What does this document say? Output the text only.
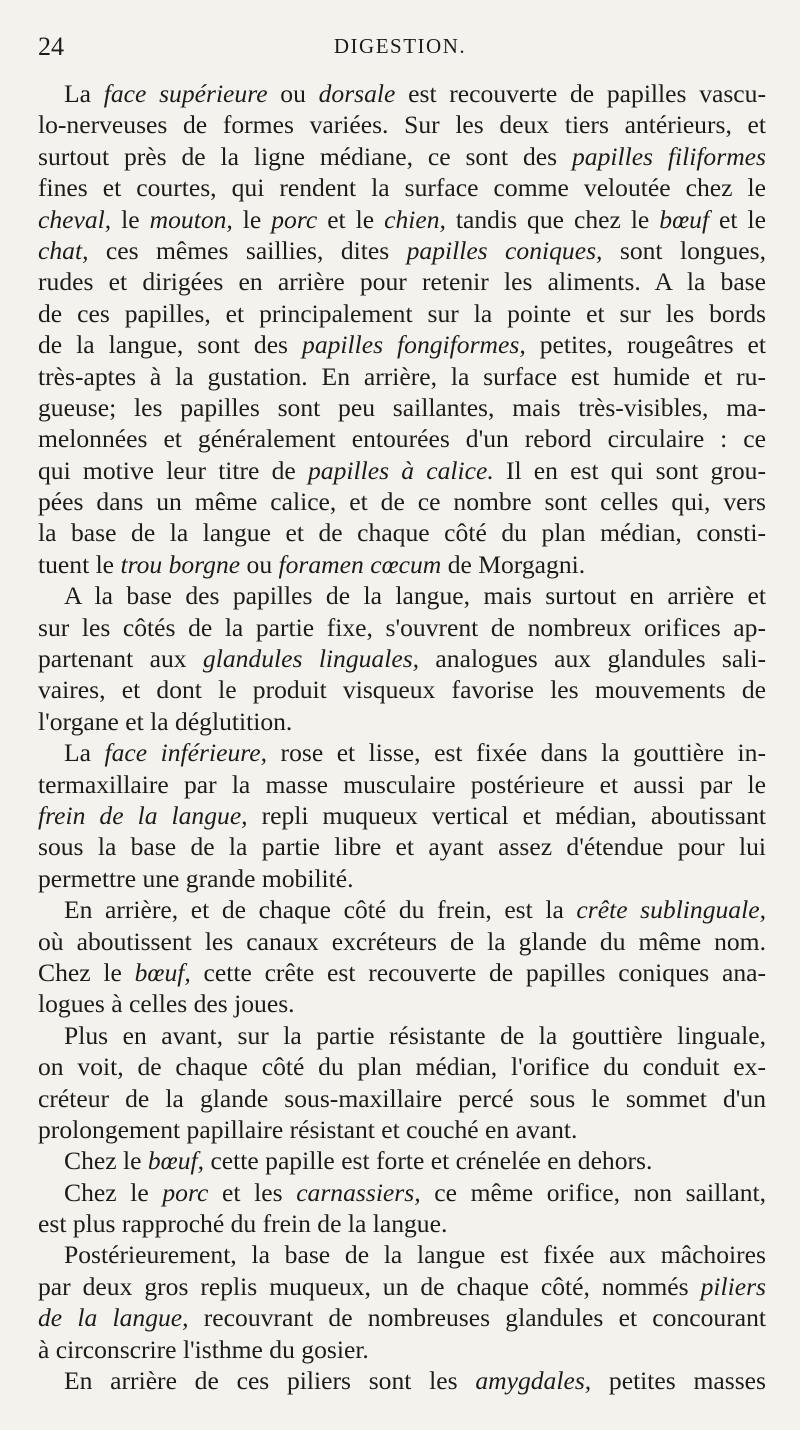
24	DIGESTION.
La face supérieure ou dorsale est recouverte de papilles vascu-
lo-nerveuses de formes variées. Sur les deux tiers antérieurs, et
surtout près de la ligne médiane, ce sont des papilles filiformes
fines et courtes, qui rendent la surface comme veloutée chez le
cheval, le mouton, le porc et le chien, tandis que chez le bœuf et le
chat, ces mêmes saillies, dites papilles coniques, sont longues,
rudes et dirigées en arrière pour retenir les aliments. A la base
de ces papilles, et principalement sur la pointe et sur les bords
de la langue, sont des papilles fongiformes, petites, rougeâtres et
très-aptes à la gustation. En arrière, la surface est humide et ru-
gueuse; les papilles sont peu saillantes, mais très-visibles, ma-
melonnées et généralement entourées d'un rebord circulaire : ce
qui motive leur titre de papilles à calice. Il en est qui sont grou-
pées dans un même calice, et de ce nombre sont celles qui, vers
la base de la langue et de chaque côté du plan médian, consti-
tuent le trou borgne ou foramen cœcum de Morgagni.
A la base des papilles de la langue, mais surtout en arrière et
sur les côtés de la partie fixe, s'ouvrent de nombreux orifices ap-
partenant aux glandules linguales, analogues aux glandules sali-
vaires, et dont le produit visqueux favorise les mouvements de
l'organe et la déglutition.
La face inférieure, rose et lisse, est fixée dans la gouttière in-
termaxillaire par la masse musculaire postérieure et aussi par le
frein de la langue, repli muqueux vertical et médian, aboutissant
sous la base de la partie libre et ayant assez d'étendue pour lui
permettre une grande mobilité.
En arrière, et de chaque côté du frein, est la crête sublinguale,
où aboutissent les canaux excréteurs de la glande du même nom.
Chez le bœuf, cette crête est recouverte de papilles coniques ana-
logues à celles des joues.
Plus en avant, sur la partie résistante de la gouttière linguale,
on voit, de chaque côté du plan médian, l'orifice du conduit ex-
créteur de la glande sous-maxillaire percé sous le sommet d'un
prolongement papillaire résistant et couché en avant.
Chez le bœuf, cette papille est forte et crénelée en dehors.
Chez le porc et les carnassiers, ce même orifice, non saillant,
est plus rapproché du frein de la langue.
Postérieurement, la base de la langue est fixée aux mâchoires
par deux gros replis muqueux, un de chaque côté, nommés piliers
de la langue, recouvrant de nombreuses glandules et concourant
à circonscrire l'isthme du gosier.
En arrière de ces piliers sont les amygdales, petites masses
